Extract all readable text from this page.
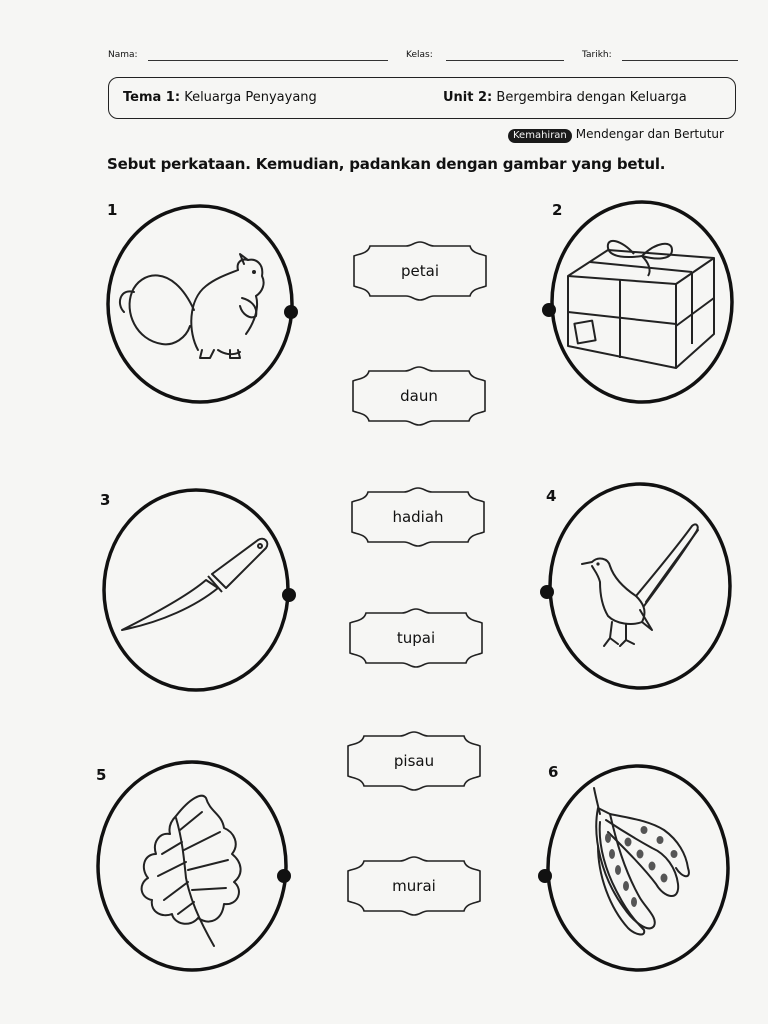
Nama:	Kelas:	Tarikh:
Tema 1: Keluarga Penyayang	Unit 2: Bergembira dengan Keluarga
Kemahiran Mendengar dan Bertutur
Sebut perkataan. Kemudian, padankan dengan gambar yang betul.
1	2
3	4
5	6
petai
daun
hadiah
tupai
pisau
murai
